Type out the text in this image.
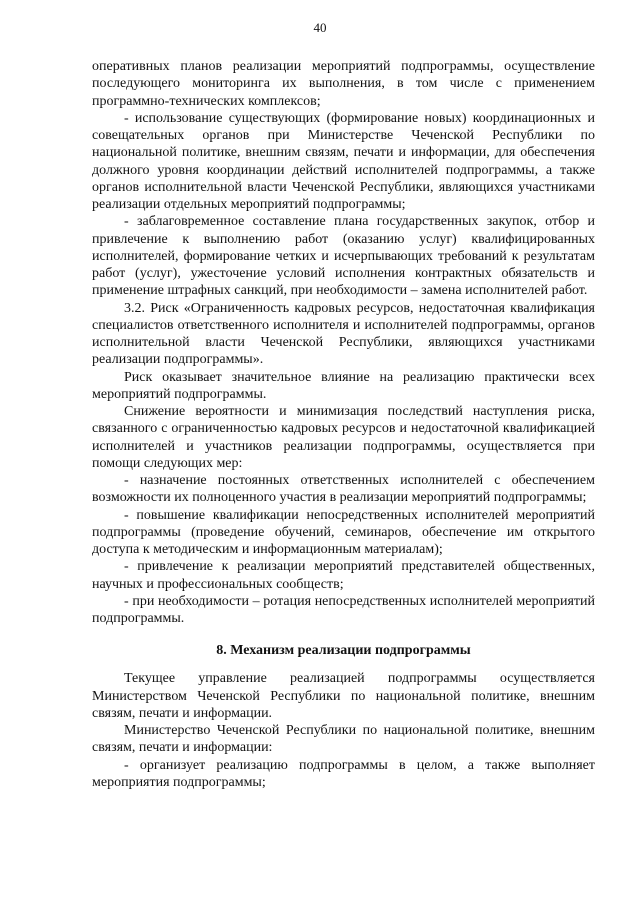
40

оперативных планов реализации мероприятий подпрограммы, осуществление последующего мониторинга их выполнения, в том числе с применением программно-технических комплексов;

- использование существующих (формирование новых) координационных и совещательных органов при Министерстве Чеченской Республики по национальной политике, внешним связям, печати и информации, для обеспечения должного уровня координации действий исполнителей подпрограммы, а также органов исполнительной власти Чеченской Республики, являющихся участниками реализации отдельных мероприятий подпрограммы;

- заблаговременное составление плана государственных закупок, отбор и привлечение к выполнению работ (оказанию услуг) квалифицированных исполнителей, формирование четких и исчерпывающих требований к результатам работ (услуг), ужесточение условий исполнения контрактных обязательств и применение штрафных санкций, при необходимости – замена исполнителей работ.

3.2. Риск «Ограниченность кадровых ресурсов, недостаточная квалификация специалистов ответственного исполнителя и исполнителей подпрограммы, органов исполнительной власти Чеченской Республики, являющихся участниками реализации подпрограммы».

Риск оказывает значительное влияние на реализацию практически всех мероприятий подпрограммы.

Снижение вероятности и минимизация последствий наступления риска, связанного с ограниченностью кадровых ресурсов и недостаточной квалификацией исполнителей и участников реализации подпрограммы, осуществляется при помощи следующих мер:

- назначение постоянных ответственных исполнителей с обеспечением возможности их полноценного участия в реализации мероприятий подпрограммы;

- повышение квалификации непосредственных исполнителей мероприятий подпрограммы (проведение обучений, семинаров, обеспечение им открытого доступа к методическим и информационным материалам);

- привлечение к реализации мероприятий представителей общественных, научных и профессиональных сообществ;

- при необходимости – ротация непосредственных исполнителей мероприятий подпрограммы.

8. Механизм реализации подпрограммы

Текущее управление реализацией подпрограммы осуществляется Министерством Чеченской Республики по национальной политике, внешним связям, печати и информации.

Министерство Чеченской Республики по национальной политике, внешним связям, печати и информации:

- организует реализацию подпрограммы в целом, а также выполняет мероприятия подпрограммы;
